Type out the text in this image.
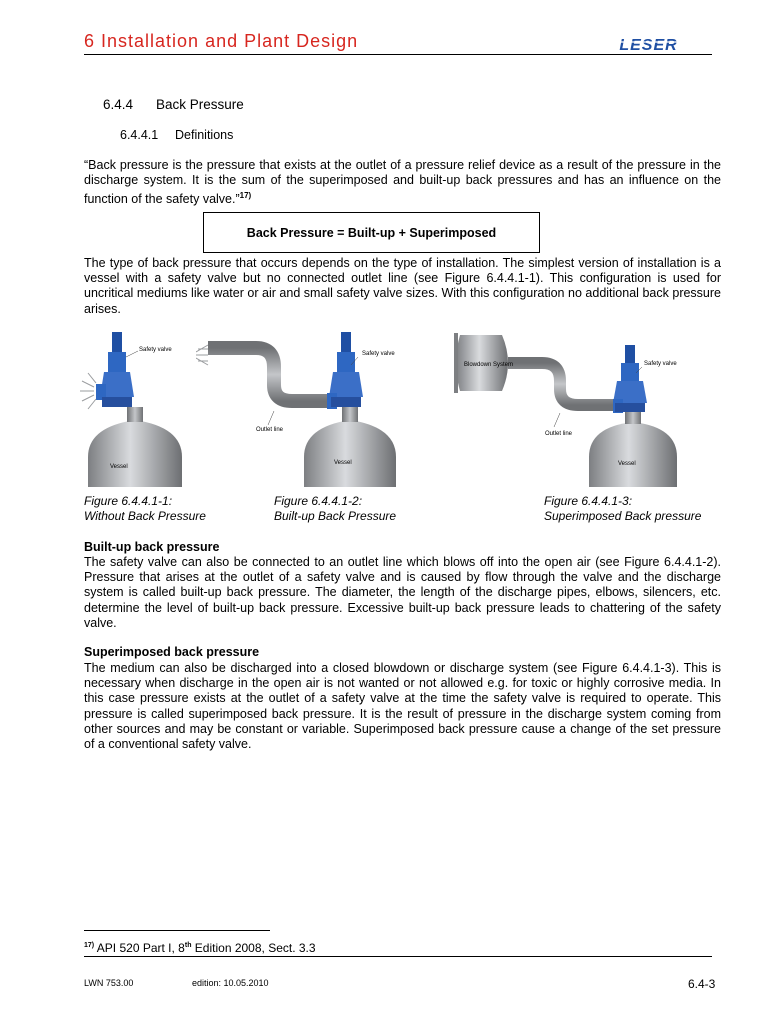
6 Installation and Plant Design	LESER
6.4.4 Back Pressure
6.4.4.1 Definitions
“Back pressure is the pressure that exists at the outlet of a pressure relief device as a result of the pressure in the discharge system. It is the sum of the superimposed and built-up back pressures and has an influence on the function of the safety valve.”$^{17)}$
Back Pressure = Built-up + Superimposed
The type of back pressure that occurs depends on the type of installation. The simplest version of installation is a vessel with a safety valve but no connected outlet line (see Figure 6.4.4.1-1). This configuration is used for uncritical mediums like water or air and small safety valve sizes. With this configuration no additional back pressure arises.
Safety valve
Vessel
Safety valve
Outlet line
Vessel
Blowdown System	Safety valve
Outlet line
Vessel
Figure 6.4.4.1-1:
Without Back Pressure
Figure 6.4.4.1-2:
Built-up Back Pressure
Figure 6.4.4.1-3:
Superimposed Back pressure
Built-up back pressure
The safety valve can also be connected to an outlet line which blows off into the open air (see Figure 6.4.4.1-2). Pressure that arises at the outlet of a safety valve and is caused by flow through the valve and the discharge system is called built-up back pressure. The diameter, the length of the discharge pipes, elbows, silencers, etc. determine the level of built-up back pressure. Excessive built-up back pressure leads to chattering of the safety valve.
Superimposed back pressure
The medium can also be discharged into a closed blowdown or discharge system (see Figure 6.4.4.1-3). This is necessary when discharge in the open air is not wanted or not allowed e.g. for toxic or highly corrosive media. In this case pressure exists at the outlet of a safety valve at the time the safety valve is required to operate. This pressure is called superimposed back pressure. It is the result of pressure in the discharge system coming from other sources and may be constant or variable. Superimposed back pressure cause a change of the set pressure of a conventional safety valve.
$^{17)}$ API 520 Part I, 8th Edition 2008, Sect. 3.3
LWN 753.00	edition: 10.05.2010	6.4-3
